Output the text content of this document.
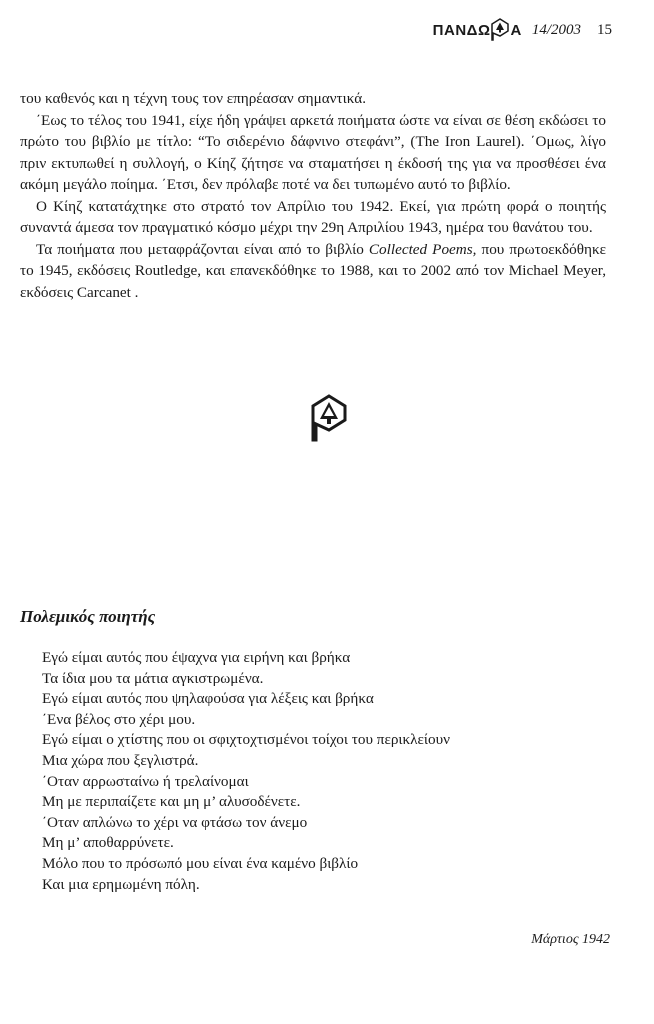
ΠΑΝΔΩ Α 14/2003 15

του καθενός και η τέχνη τους τον επηρέασαν σημαντικά.

΄Εως το τέλος του 1941, είχε ήδη γράψει αρκετά ποιήματα ώστε να είναι σε θέση εκδώσει το πρώτο του βιβλίο με τίτλο: “Το σιδερένιο δάφνινο στεφάνι”, (The Iron Laurel). ΄Ομως, λίγο πριν εκτυπωθεί η συλλογή, ο Κίηζ ζήτησε να σταματήσει η έκδοσή της για να προσθέσει ένα ακόμη μεγάλο ποίημα. ΄Ετσι, δεν πρόλαβε ποτέ να δει τυπωμένο αυτό το βιβλίο.

Ο Κίηζ κατατάχτηκε στο στρατό τον Απρίλιο του 1942. Εκεί, για πρώτη φορά ο ποιητής συναντά άμεσα τον πραγματικό κόσμο μέχρι την 29η Απριλίου 1943, ημέρα του θανάτου του.

Τα ποιήματα που μεταφράζονται είναι από το βιβλίο Collected Poems, που πρωτοεκδόθηκε το 1945, εκδόσεις Routledge, και επανεκδόθηκε το 1988, και το 2002 από τον Michael Meyer, εκδόσεις Carcanet .

Πολεμικός ποιητής
Εγώ είμαι αυτός που έψαχνα για ειρήνη και βρήκα
Τα ίδια μου τα μάτια αγκιστρωμένα.
Εγώ είμαι αυτός που ψηλαφούσα για λέξεις και βρήκα
΄Ενα βέλος στο χέρι μου.
Εγώ είμαι ο χτίστης που οι σφιχτοχτισμένοι τοίχοι του περικλείουν
Μια χώρα που ξεγλιστρά.
΄Οταν αρρωσταίνω ή τρελαίνομαι
Μη με περιπαίζετε και μη μ’ αλυσοδένετε.
΄Οταν απλώνω το χέρι να φτάσω τον άνεμο
Μη μ’ αποθαρρύνετε.
Μόλο που το πρόσωπό μου είναι ένα καμένο βιβλίο
Και μια ερημωμένη πόλη.
Μάρτιος 1942
